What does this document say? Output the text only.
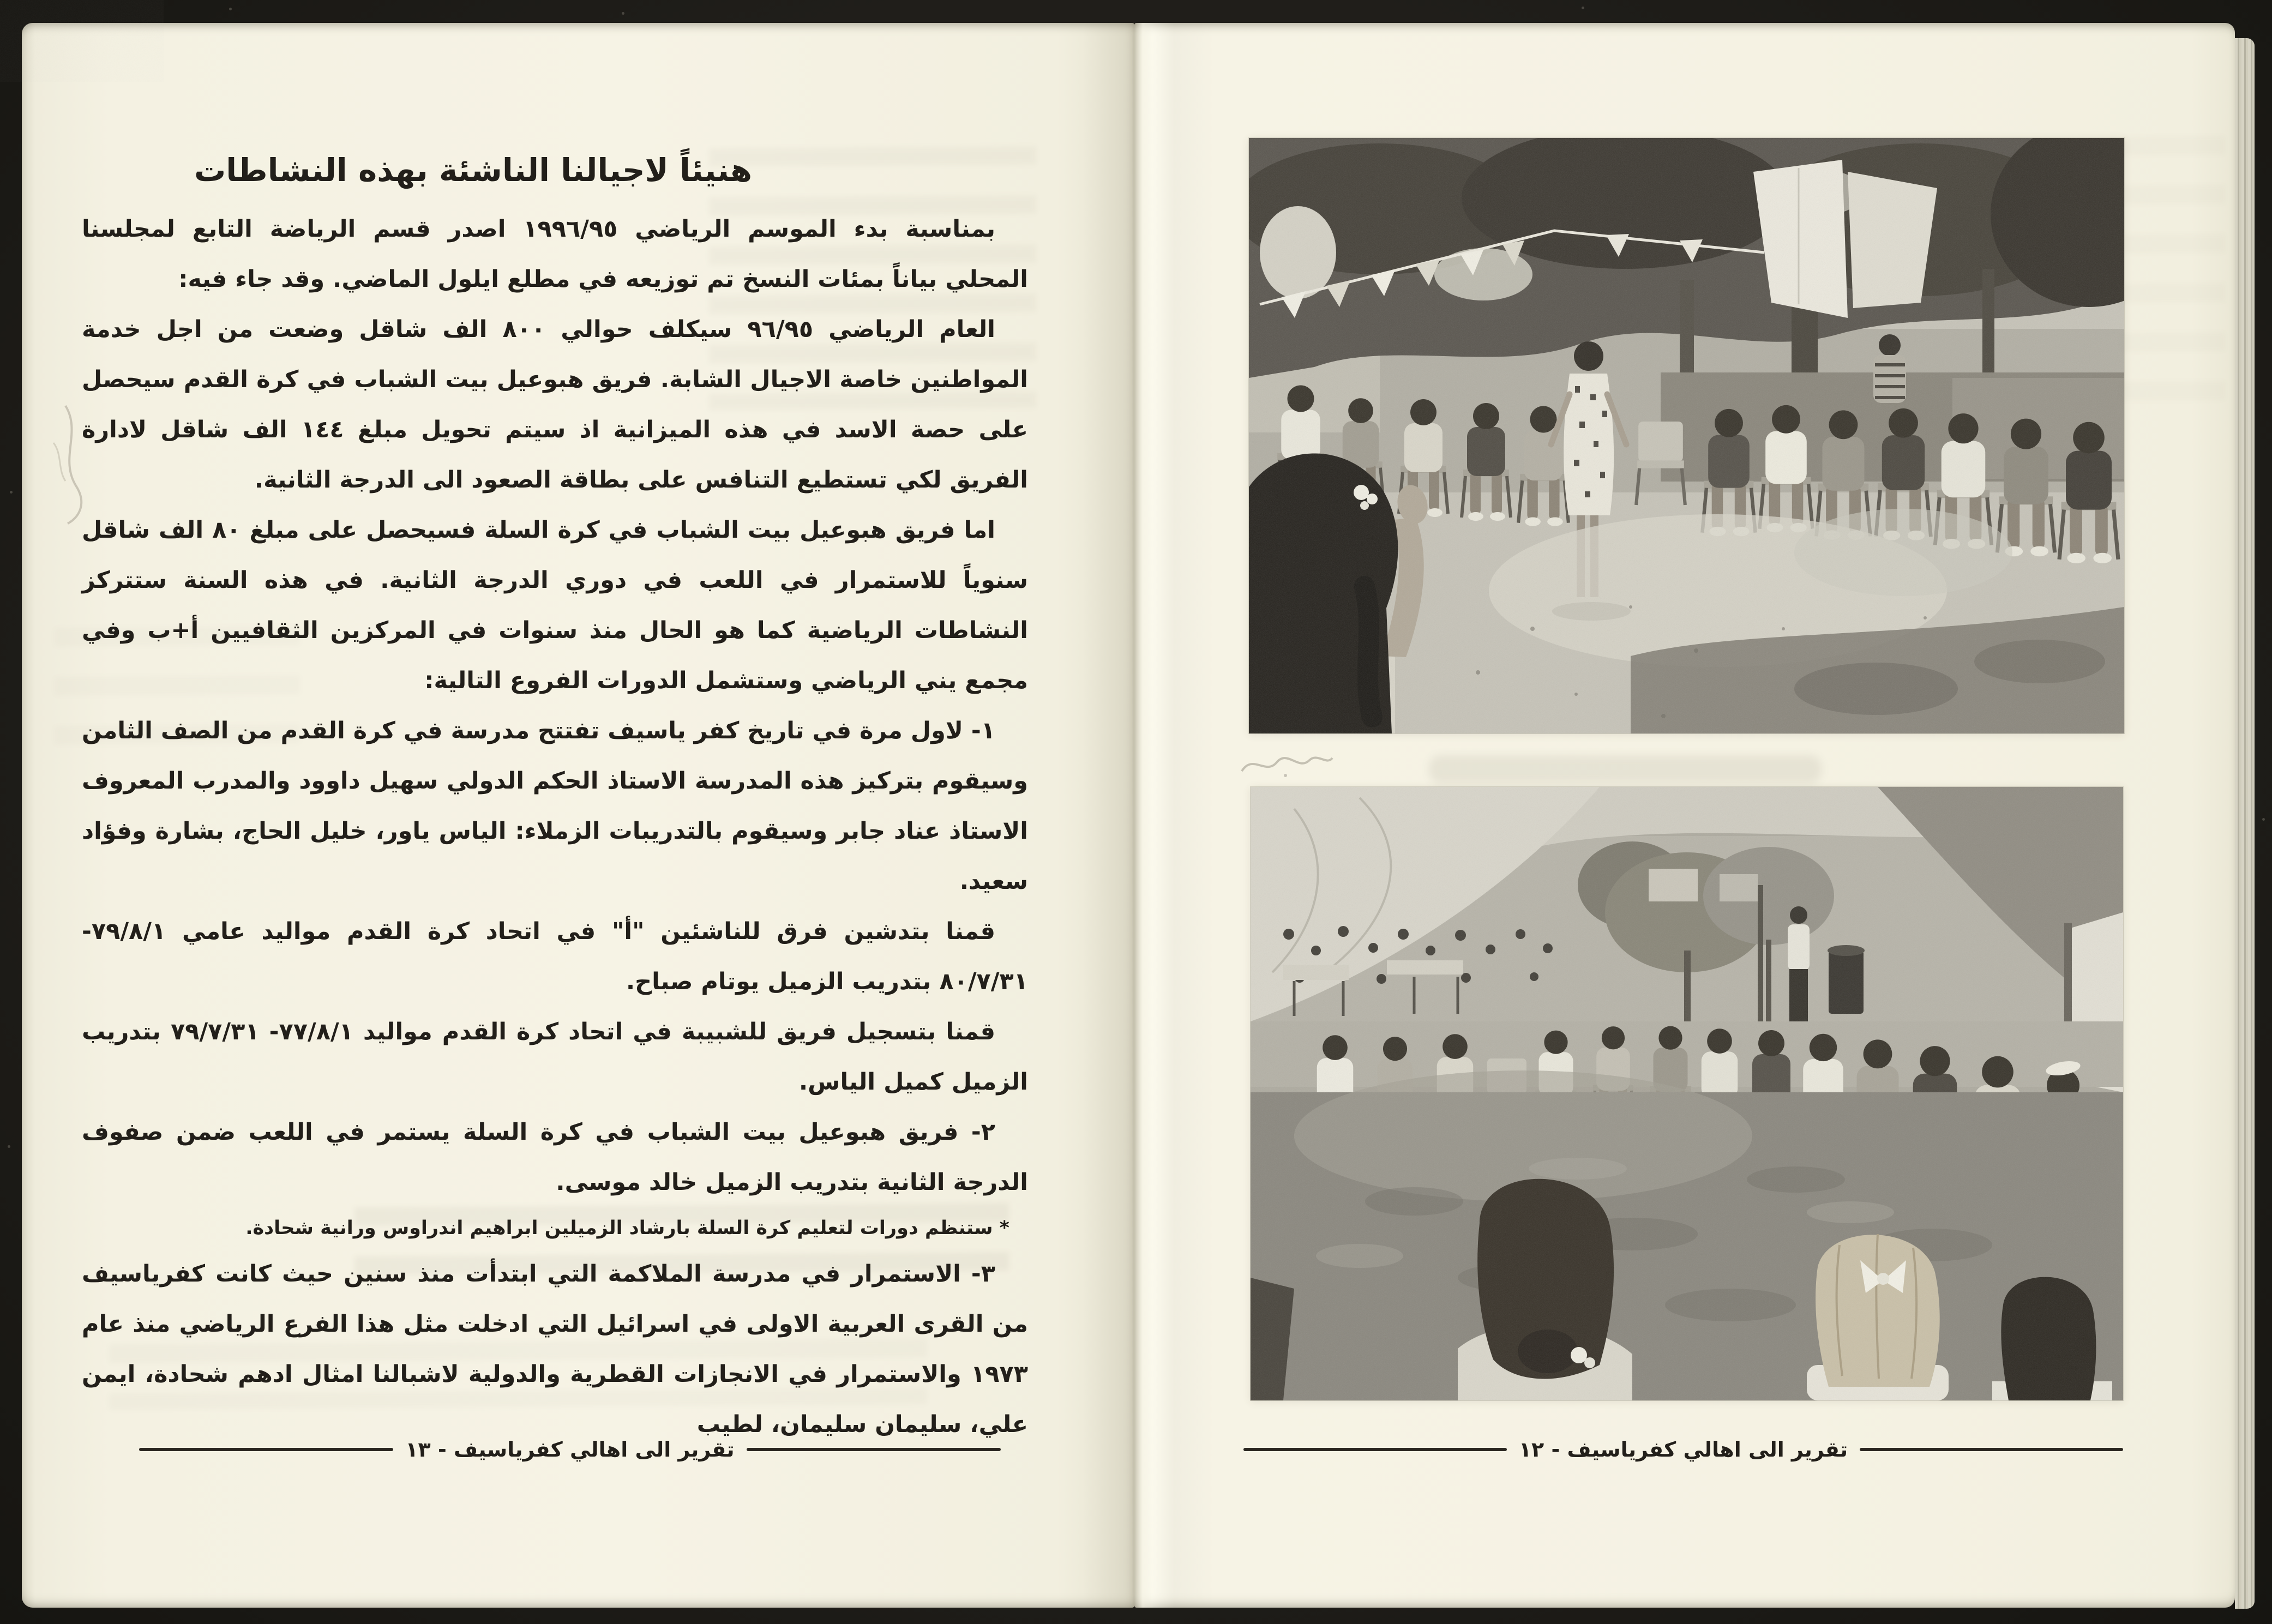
هنيئاً لاجيالنا الناشئة بهذه النشاطات

بمناسبة بدء الموسم الرياضي ١٩٩٦/٩٥ اصدر قسم الرياضة التابع لمجلسنا المحلي بياناً بمئات النسخ تم توزيعه في مطلع ايلول الماضي. وقد جاء فيه:

العام الرياضي ٩٦/٩٥ سيكلف حوالي ٨٠٠ الف شاقل وضعت من اجل خدمة المواطنين خاصة الاجيال الشابة. فريق هبوعيل بيت الشباب في كرة القدم سيحصل على حصة الاسد في هذه الميزانية اذ سيتم تحويل مبلغ ١٤٤ الف شاقل لادارة الفريق لكي تستطيع التنافس على بطاقة الصعود الى الدرجة الثانية.

اما فريق هبوعيل بيت الشباب في كرة السلة فسيحصل على مبلغ ٨٠ الف شاقل سنوياً للاستمرار في اللعب في دوري الدرجة الثانية. في هذه السنة ستتركز النشاطات الرياضية كما هو الحال منذ سنوات في المركزين الثقافيين أ+ب وفي مجمع يني الرياضي وستشمل الدورات الفروع التالية:

١- لاول مرة في تاريخ كفر ياسيف تفتتح مدرسة في كرة القدم من الصف الثامن وسيقوم بتركيز هذه المدرسة الاستاذ الحكم الدولي سهيل داوود والمدرب المعروف الاستاذ عناد جابر وسيقوم بالتدريبات الزملاء: الياس ياور، خليل الحاج، بشارة وفؤاد سعيد.

قمنا بتدشين فرق للناشئين "أ" في اتحاد كرة القدم مواليد عامي ٧٩/٨/١- ٨٠/٧/٣١ بتدريب الزميل يوتام صباح.

قمنا بتسجيل فريق للشبيبة في اتحاد كرة القدم مواليد ٧٧/٨/١- ٧٩/٧/٣١ بتدريب الزميل كميل الياس.

٢- فريق هبوعيل بيت الشباب في كرة السلة يستمر في اللعب ضمن صفوف الدرجة الثانية بتدريب الزميل خالد موسى.

* ستنظم دورات لتعليم كرة السلة بارشاد الزميلين ابراهيم اندراوس ورانية شحادة.

٣- الاستمرار في مدرسة الملاكمة التي ابتدأت منذ سنين حيث كانت كفرياسيف من القرى العربية الاولى في اسرائيل التي ادخلت مثل هذا الفرع الرياضي منذ عام ١٩٧٣ والاستمرار في الانجازات القطرية والدولية لاشبالنا امثال ادهم شحادة، ايمن علي، سليمان سليمان، لطيب

تقرير الى اهالي كفرياسيف - ١٣	تقرير الى اهالي كفرياسيف - ١٢
